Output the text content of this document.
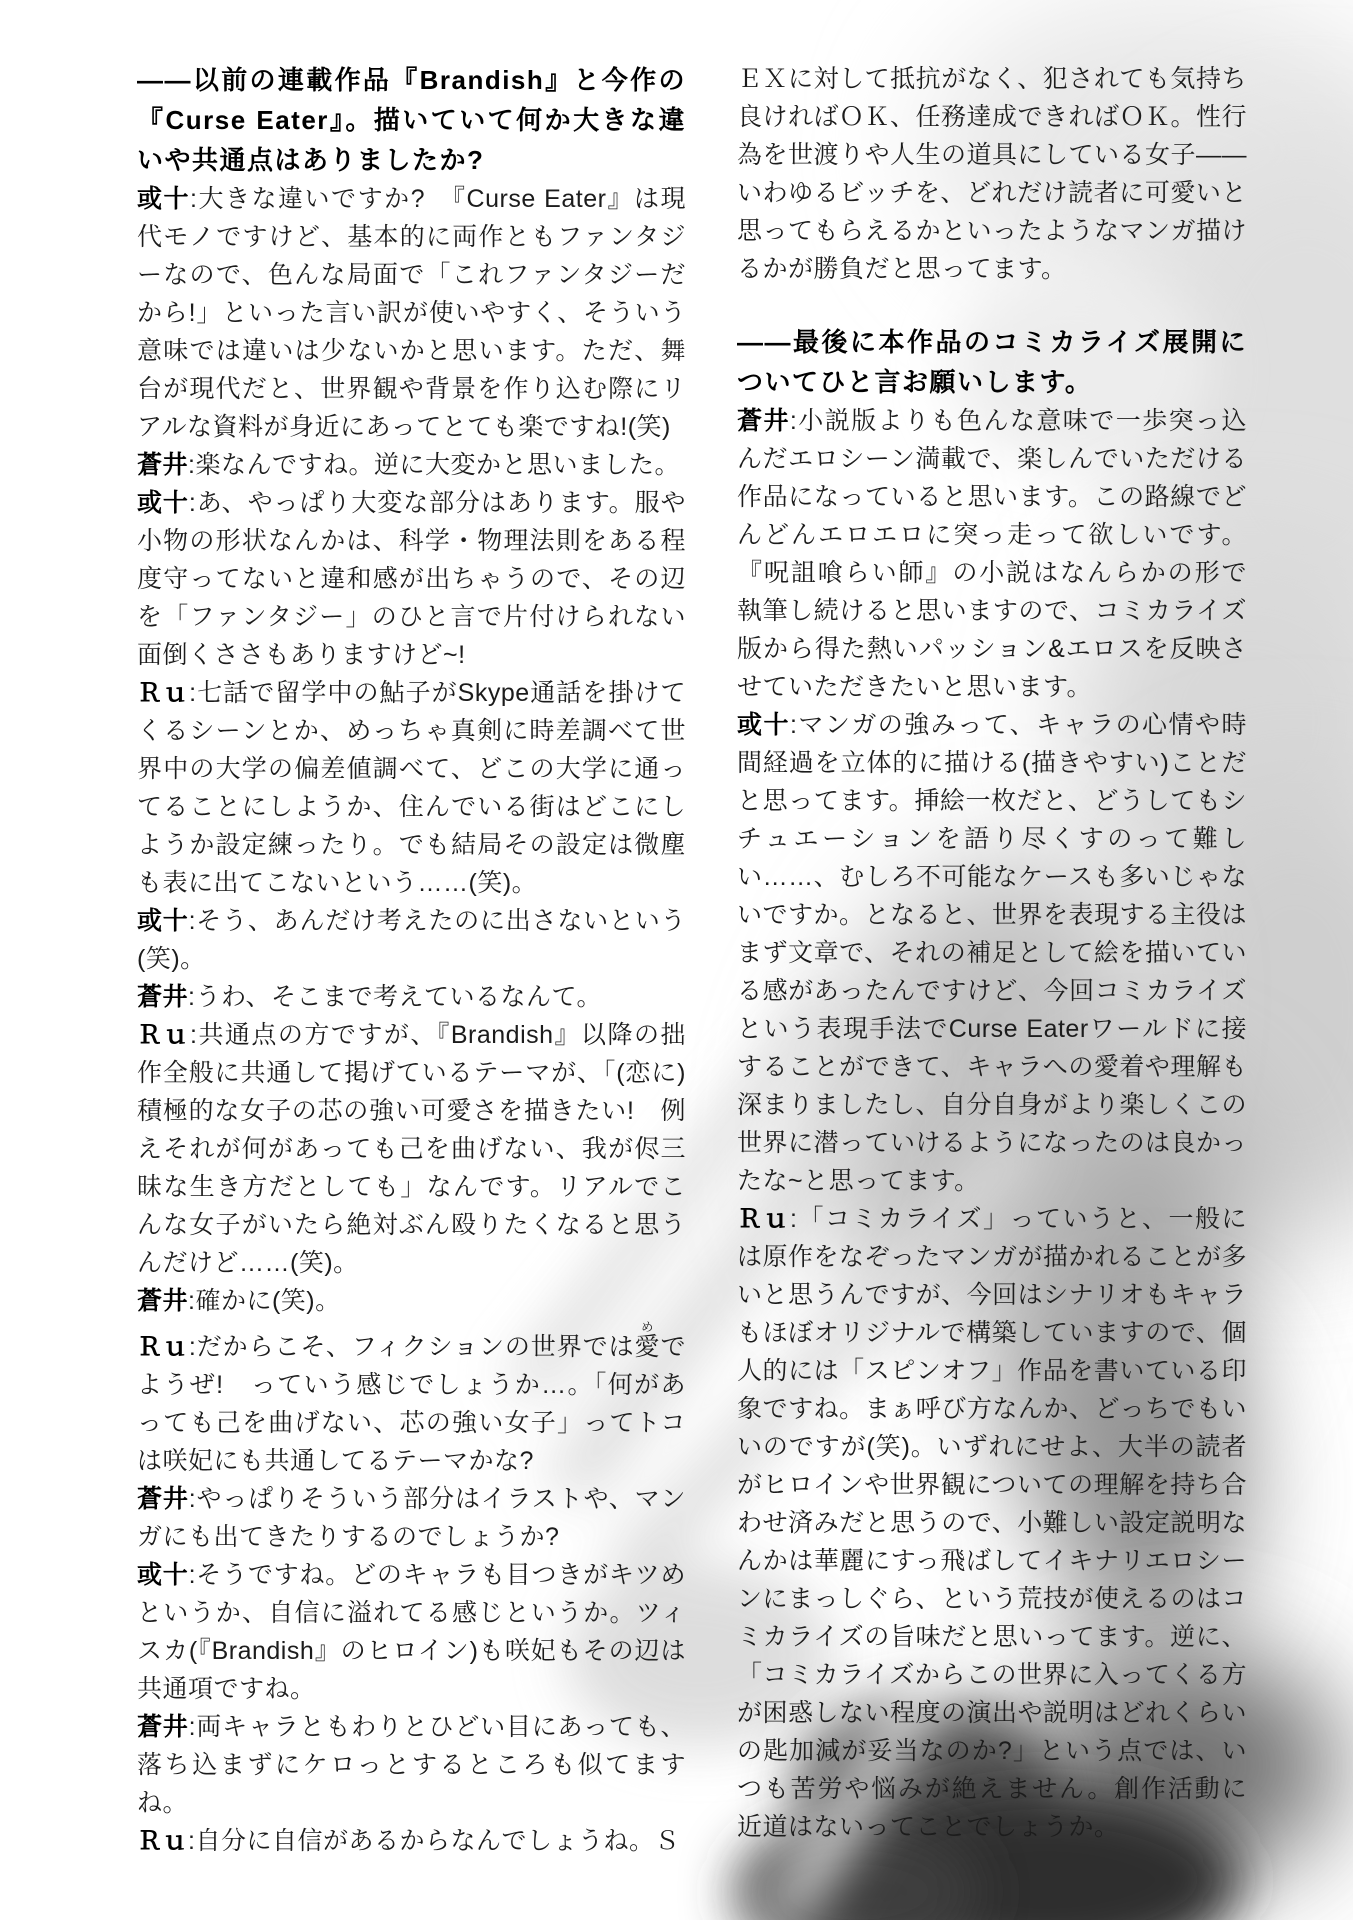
――以前の連載作品『Brandish』と今作の『Curse Eater』。描いていて何か大きな違いや共通点はありましたか?

或十:大きな違いですか?　『Curse Eater』は現代モノですけど、基本的に両作ともファンタジーなので、色んな局面で「これファンタジーだから!」といった言い訳が使いやすく、そういう意味では違いは少ないかと思います。ただ、舞台が現代だと、世界観や背景を作り込む際にリアルな資料が身近にあってとても楽ですね!(笑)

蒼井:楽なんですね。逆に大変かと思いました。

或十:あ、やっぱり大変な部分はあります。服や小物の形状なんかは、科学・物理法則をある程度守ってないと違和感が出ちゃうので、その辺を「ファンタジー」のひと言で片付けられない面倒くささもありますけど~!

Ｒｕ:七話で留学中の鮎子がSkype通話を掛けてくるシーンとか、めっちゃ真剣に時差調べて世界中の大学の偏差値調べて、どこの大学に通ってることにしようか、住んでいる街はどこにしようか設定練ったり。でも結局その設定は微塵も表に出てこないという……(笑)。

或十:そう、あんだけ考えたのに出さないという(笑)。

蒼井:うわ、そこまで考えているなんて。

Ｒｕ:共通点の方ですが、『Brandish』以降の拙作全般に共通して掲げているテーマが、「(恋に)積極的な女子の芯の強い可愛さを描きたい!　例えそれが何があっても己を曲げない、我が侭三昧な生き方だとしても」なんです。リアルでこんな女子がいたら絶対ぶん殴りたくなると思うんだけど……(笑)。

蒼井:確かに(笑)。

Ｒｕ:だからこそ、フィクションの世界では愛めでようぜ!　っていう感じでしょうか…。「何があっても己を曲げない、芯の強い女子」ってトコは咲妃にも共通してるテーマかな?

蒼井:やっぱりそういう部分はイラストや、マンガにも出てきたりするのでしょうか?

或十:そうですね。どのキャラも目つきがキツめというか、自信に溢れてる感じというか。ツィスカ(『Brandish』のヒロイン)も咲妃もその辺は共通項ですね。

蒼井:両キャラともわりとひどい目にあっても、落ち込まずにケロっとするところも似てますね。

Ｒｕ:自分に自信があるからなんでしょうね。Ｓ

ＥＸに対して抵抗がなく、犯されても気持ち良ければＯＫ、任務達成できればＯＫ。性行為を世渡りや人生の道具にしている女子――いわゆるビッチを、どれだけ読者に可愛いと思ってもらえるかといったようなマンガ描けるかが勝負だと思ってます。

――最後に本作品のコミカライズ展開についてひと言お願いします。

蒼井:小説版よりも色んな意味で一歩突っ込んだエロシーン満載で、楽しんでいただける作品になっていると思います。この路線でどんどんエロエロに突っ走って欲しいです。『呪詛喰らい師』の小説はなんらかの形で執筆し続けると思いますので、コミカライズ版から得た熱いパッション&エロスを反映させていただきたいと思います。

或十:マンガの強みって、キャラの心情や時間経過を立体的に描ける(描きやすい)ことだと思ってます。挿絵一枚だと、どうしてもシチュエーションを語り尽くすのって難しい……、むしろ不可能なケースも多いじゃないですか。となると、世界を表現する主役はまず文章で、それの補足として絵を描いている感があったんですけど、今回コミカライズという表現手法でCurse Eaterワールドに接することができて、キャラへの愛着や理解も深まりましたし、自分自身がより楽しくこの世界に潜っていけるようになったのは良かったな~と思ってます。

Ｒｕ:「コミカライズ」っていうと、一般には原作をなぞったマンガが描かれることが多いと思うんですが、今回はシナリオもキャラもほぼオリジナルで構築していますので、個人的には「スピンオフ」作品を書いている印象ですね。まぁ呼び方なんか、どっちでもいいのですが(笑)。いずれにせよ、大半の読者がヒロインや世界観についての理解を持ち合わせ済みだと思うので、小難しい設定説明なんかは華麗にすっ飛ばしてイキナリエロシーンにまっしぐら、という荒技が使えるのはコミカライズの旨味だと思いってます。逆に、「コミカライズからこの世界に入ってくる方が困惑しない程度の演出や説明はどれくらいの匙加減が妥当なのか?」という点では、いつも苦労や悩みが絶えません。創作活動に近道はないってことでしょうか。
